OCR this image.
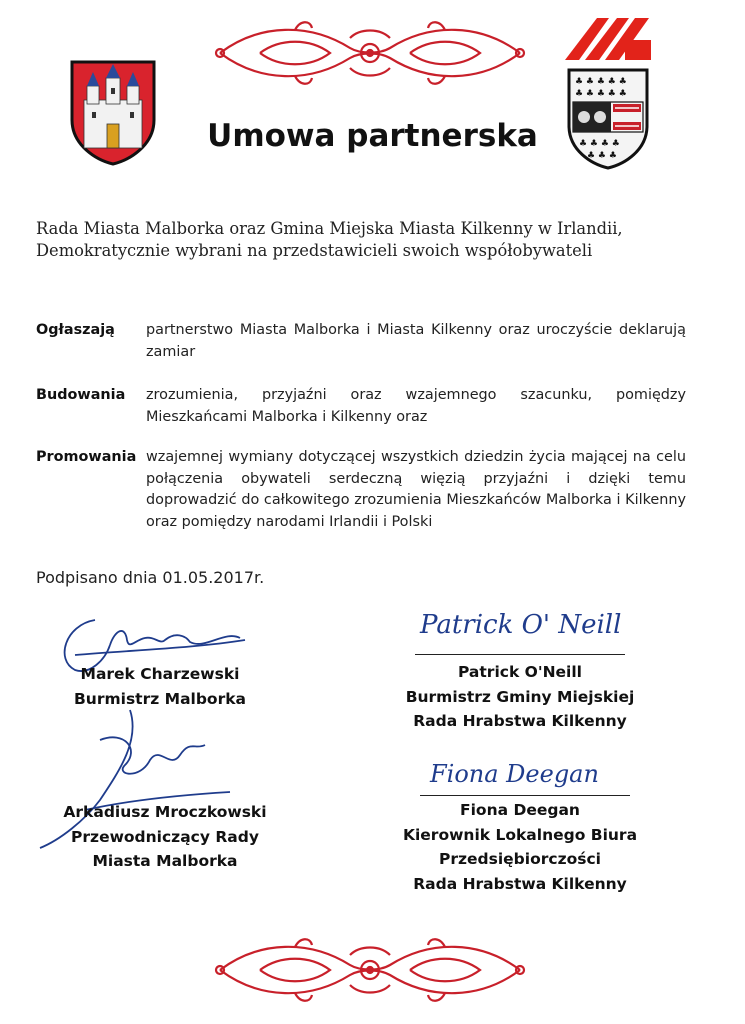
♣ ♣ ♣ ♣ ♣
♣ ♣ ♣ ♣ ♣
♣ ♣ ♣ ♣
♣ ♣ ♣
Umowa partnerska
Rada Miasta Malborka oraz Gmina Miejska Miasta Kilkenny w Irlandii,
Demokratycznie wybrani na przedstawicieli swoich współobywateli
Ogłaszają partnerstwo Miasta Malborka i Miasta Kilkenny oraz uroczyście deklarują zamiar
Budowania zrozumienia, przyjaźni oraz wzajemnego szacunku, pomiędzy Mieszkańcami Malborka i Kilkenny oraz
Promowania wzajemnej wymiany dotyczącej wszystkich dziedzin życia mającej na celu połączenia obywateli serdeczną więzią przyjaźni i dzięki temu doprowadzić do całkowitego zrozumienia Mieszkańców Malborka i Kilkenny oraz pomiędzy narodami Irlandii i Polski
Podpisano dnia 01.05.2017r.
Marek Charzewski
Burmistrz Malborka
Arkadiusz Mroczkowski
Przewodniczący Rady
Miasta Malborka
Patrick O' Neill
Patrick O'Neill
Burmistrz Gminy Miejskiej
Rada Hrabstwa Kilkenny
Fiona Deegan
Fiona Deegan
Kierownik Lokalnego Biura Przedsiębiorczości
Rada Hrabstwa Kilkenny
